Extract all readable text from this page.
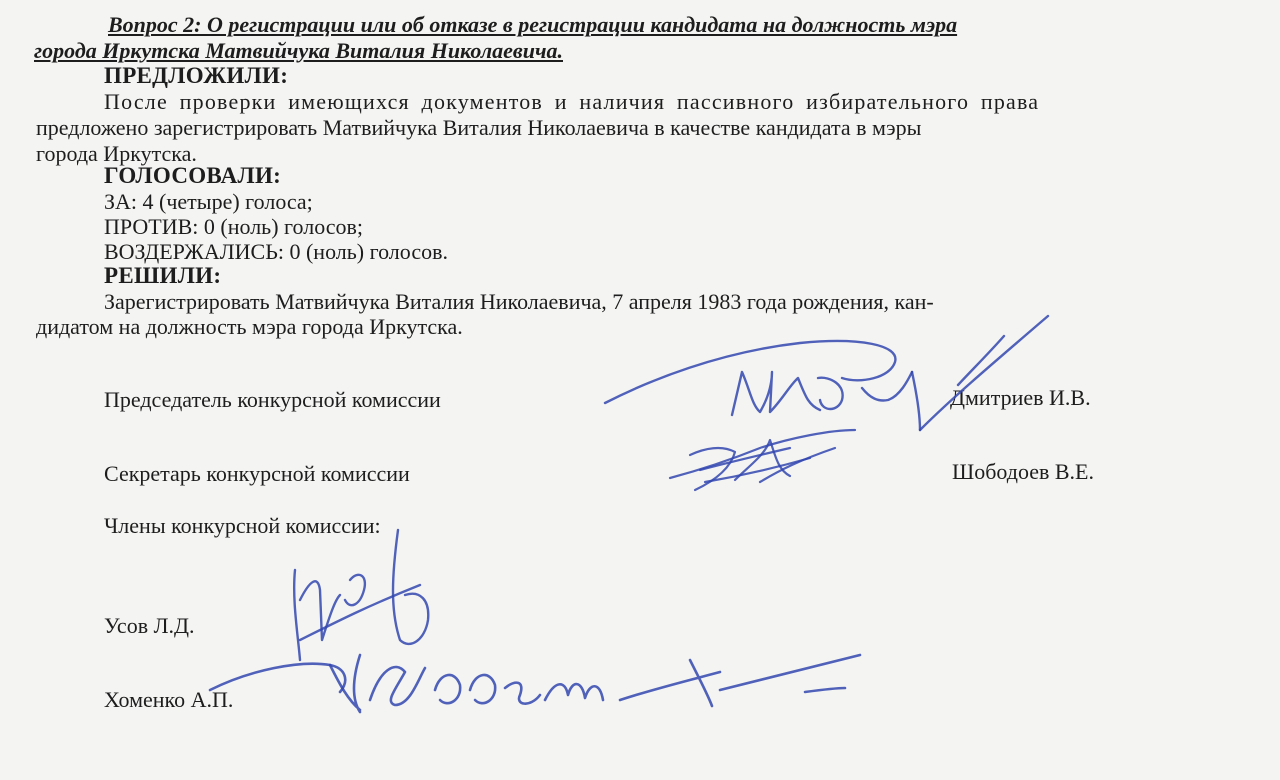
Вопрос 2: О регистрации или об отказе в регистрации кандидата на должность мэра
города Иркутска Матвийчука Виталия Николаевича.
ПРЕДЛОЖИЛИ:
После проверки имеющихся документов и наличия пассивного избирательного права
предложено зарегистрировать Матвийчука Виталия Николаевича в качестве кандидата в мэры
города Иркутска.
ГОЛОСОВАЛИ:
ЗА: 4 (четыре) голоса;
ПРОТИВ: 0 (ноль) голосов;
ВОЗДЕРЖАЛИСЬ: 0 (ноль) голосов.
РЕШИЛИ:
Зарегистрировать Матвийчука Виталия Николаевича, 7 апреля 1983 года рождения, кан-
дидатом на должность мэра города Иркутска.
Председатель конкурсной комиссии	Дмитриев И.В.
Секретарь конкурсной комиссии	Шободоев В.Е.
Члены конкурсной комиссии:
Усов Л.Д.
Хоменко А.П.
